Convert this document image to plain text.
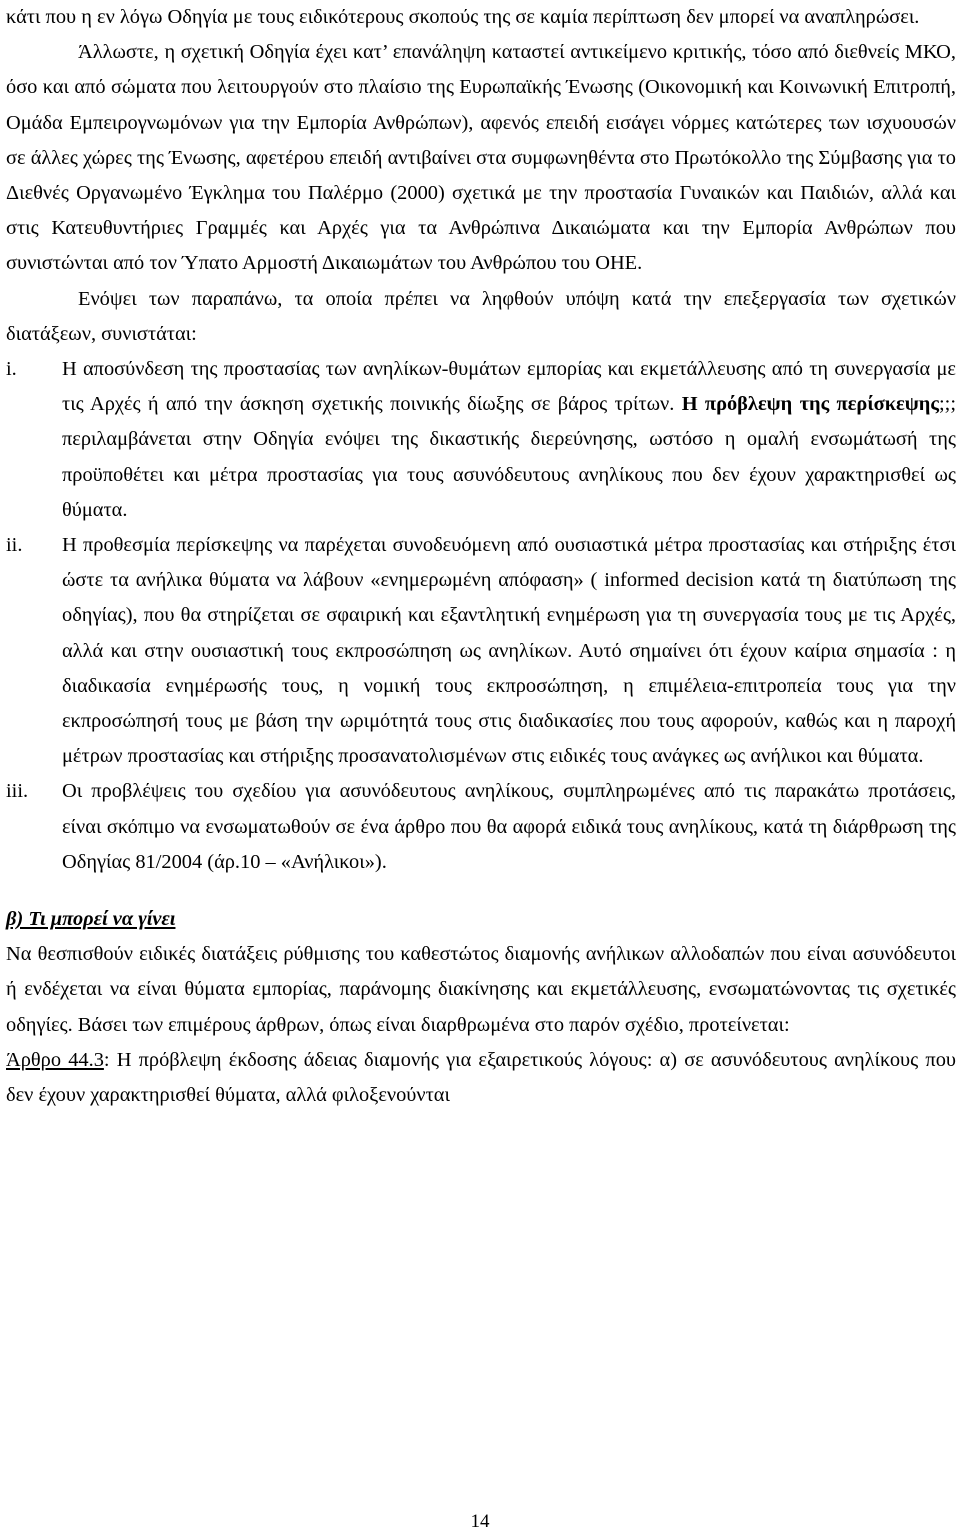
κάτι που η εν λόγω Οδηγία με τους ειδικότερους σκοπούς της σε καμία περίπτωση δεν μπορεί να αναπληρώσει.

Άλλωστε, η σχετική Οδηγία έχει κατ’ επανάληψη καταστεί αντικείμενο κριτικής, τόσο από διεθνείς ΜΚΟ, όσο και από σώματα που λειτουργούν στο πλαίσιο της Ευρωπαϊκής Ένωσης (Οικονομική και Κοινωνική Επιτροπή, Ομάδα Εμπειρογνωμόνων για την Εμπορία Ανθρώπων), αφενός επειδή εισάγει νόρμες κατώτερες των ισχυουσών σε άλλες χώρες της Ένωσης, αφετέρου επειδή αντιβαίνει στα συμφωνηθέντα στο Πρωτόκολλο της Σύμβασης για το Διεθνές Οργανωμένο Έγκλημα του Παλέρμο (2000) σχετικά με την προστασία Γυναικών και Παιδιών, αλλά και στις Κατευθυντήριες Γραμμές και Αρχές για τα Ανθρώπινα Δικαιώματα και την Εμπορία Ανθρώπων που συνιστώνται από τον Ύπατο Αρμοστή Δικαιωμάτων του Ανθρώπου του ΟΗΕ.

Ενόψει των παραπάνω, τα οποία πρέπει να ληφθούν υπόψη κατά την επεξεργασία των σχετικών διατάξεων, συνιστάται:

i.	Η αποσύνδεση της προστασίας των ανηλίκων-θυμάτων εμπορίας και εκμετάλλευσης από τη συνεργασία με τις Αρχές ή από την άσκηση σχετικής ποινικής δίωξης σε βάρος τρίτων. Η πρόβλεψη της περίσκεψης;;; περιλαμβάνεται στην Οδηγία ενόψει της δικαστικής διερεύνησης, ωστόσο η ομαλή ενσωμάτωσή της προϋποθέτει και μέτρα προστασίας για τους ασυνόδευτους ανηλίκους που δεν έχουν χαρακτηρισθεί ως θύματα.
ii.	Η προθεσμία περίσκεψης να παρέχεται συνοδευόμενη από ουσιαστικά μέτρα προστασίας και στήριξης έτσι ώστε τα ανήλικα θύματα να λάβουν «ενημερωμένη απόφαση» ( informed decision κατά τη διατύπωση της οδηγίας), που θα στηρίζεται σε σφαιρική και εξαντλητική ενημέρωση για τη συνεργασία τους με τις Αρχές, αλλά και στην ουσιαστική τους εκπροσώπηση ως ανηλίκων. Αυτό σημαίνει ότι έχουν καίρια σημασία : η διαδικασία ενημέρωσής τους, η νομική τους εκπροσώπηση, η επιμέλεια-επιτροπεία τους για την εκπροσώπησή τους με βάση την ωριμότητά τους στις διαδικασίες που τους αφορούν, καθώς και η παροχή μέτρων προστασίας και στήριξης προσανατολισμένων στις ειδικές τους ανάγκες ως ανήλικοι και θύματα.
iii.	Οι προβλέψεις του σχεδίου για ασυνόδευτους ανηλίκους, συμπληρωμένες από τις παρακάτω προτάσεις, είναι σκόπιμο να ενσωματωθούν σε ένα άρθρο που θα αφορά ειδικά τους ανηλίκους, κατά τη διάρθρωση της Οδηγίας 81/2004 (άρ.10 – «Ανήλικοι»).

β) Τι μπορεί να γίνει

Να θεσπισθούν ειδικές διατάξεις ρύθμισης του καθεστώτος διαμονής ανήλικων αλλοδαπών που είναι ασυνόδευτοι ή ενδέχεται να είναι θύματα εμπορίας, παράνομης διακίνησης και εκμετάλλευσης, ενσωματώνοντας τις σχετικές οδηγίες. Βάσει των επιμέρους άρθρων, όπως είναι διαρθρωμένα στο παρόν σχέδιο, προτείνεται:

Άρθρο 44.3: Η πρόβλεψη έκδοσης άδειας διαμονής για εξαιρετικούς λόγους: α) σε ασυνόδευτους ανηλίκους που δεν έχουν χαρακτηρισθεί θύματα, αλλά φιλοξενούνται

14
